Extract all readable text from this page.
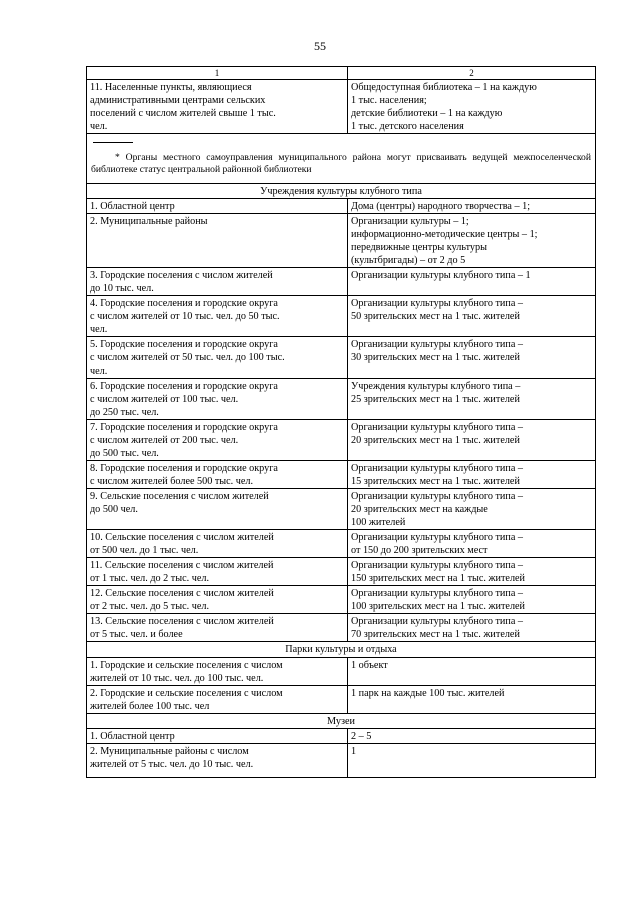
55
1	2

11. Населенные пункты, являющиеся
административными центрами сельских
поселений с числом жителей свыше 1 тыс.
чел.	Общедоступная библиотека – 1 на каждую
1 тыс. населения;
детские библиотеки – 1 на каждую
1 тыс. детского населения

* Органы местного самоуправления муниципального района могут присваивать ведущей межпоселенческой библиотеке статус центральной районной библиотеки	

Учреждения культуры клубного типа	

1. Областной центр	Дома (центры) народного творчества – 1;

2. Муниципальные районы	Организации культуры – 1;
информационно-методические центры – 1;
передвижные центры культуры
(культбригады) – от 2 до 5

3. Городские поселения с числом жителей
до 10 тыс. чел.	Организации культуры клубного типа – 1

4. Городские поселения и городские округа
с числом жителей от 10 тыс. чел. до 50 тыс.
чел.	Организации культуры клубного типа –
50 зрительских мест на 1 тыс. жителей

5. Городские поселения и городские округа
с числом жителей от 50 тыс. чел. до 100 тыс.
чел.	Организации культуры клубного типа –
30 зрительских мест на 1 тыс. жителей

6. Городские поселения и городские округа
с числом жителей от 100 тыс. чел.
до 250 тыс. чел.	Учреждения культуры клубного типа –
25 зрительских мест на 1 тыс. жителей

7. Городские поселения и городские округа
с числом жителей от 200 тыс. чел.
до 500 тыс. чел.	Организации культуры клубного типа –
20 зрительских мест на 1 тыс. жителей

8. Городские поселения и городские округа
с числом жителей более 500 тыс. чел.	Организации культуры клубного типа –
15 зрительских мест на 1 тыс. жителей

9. Сельские поселения с числом жителей
до 500 чел.	Организации культуры клубного типа –
20 зрительских мест на каждые
100 жителей

10. Сельские поселения с числом жителей
от 500 чел. до 1 тыс. чел.	Организации культуры клубного типа –
от 150 до 200 зрительских мест

11. Сельские поселения с числом жителей
от 1 тыс. чел. до 2 тыс. чел.	Организации культуры клубного типа –
150 зрительских мест на 1 тыс. жителей

12. Сельские поселения с числом жителей
от 2 тыс. чел. до 5 тыс. чел.	Организации культуры клубного типа –
100 зрительских мест на 1 тыс. жителей

13. Сельские поселения с числом жителей
от 5 тыс. чел. и более	Организации культуры клубного типа –
70 зрительских мест на 1 тыс. жителей

Парки культуры и отдыха	

1. Городские и сельские поселения с числом
жителей от 10 тыс. чел. до 100 тыс. чел.	1 объект

2. Городские и сельские поселения с числом
жителей более 100 тыс. чел	1 парк на каждые 100 тыс. жителей

Музеи	

1. Областной центр	2 – 5

2. Муниципальные районы с числом
жителей от 5 тыс. чел. до 10 тыс. чел.	1
